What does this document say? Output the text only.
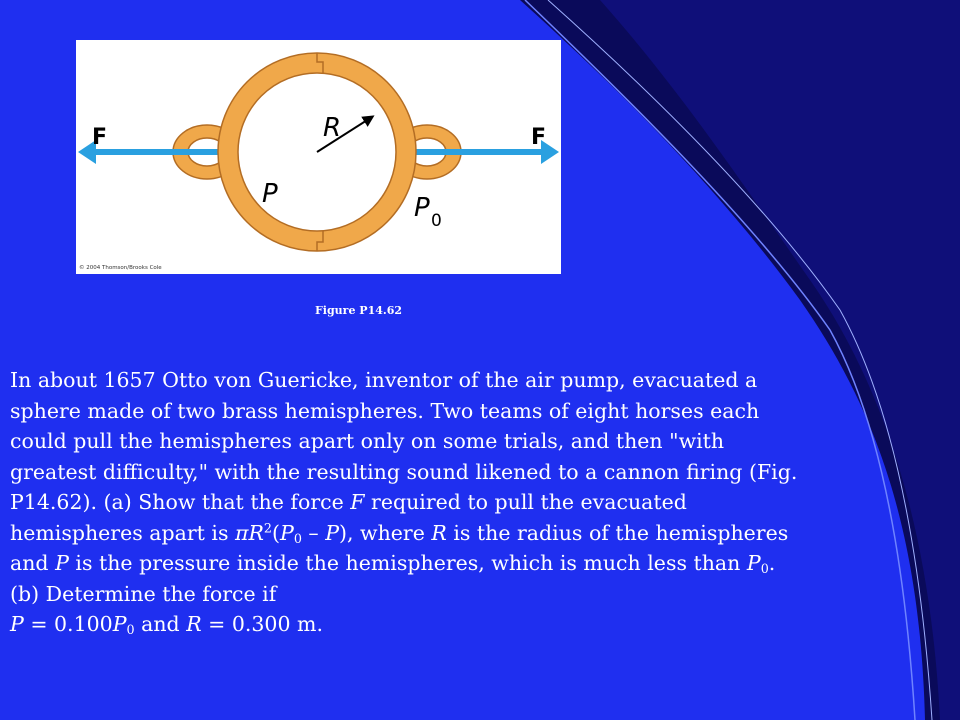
F	F
R
P	P 0
© 2004 Thomson/Brooks Cole
Figure P14.62

In about 1657 Otto von Guericke, inventor of the air pump, evacuated a
sphere made of two brass hemispheres. Two teams of eight horses each
could pull the hemispheres apart only on some trials, and then "with
greatest difficulty," with the resulting sound likened to a cannon firing (Fig.
P14.62). (a) Show that the force F required to pull the evacuated
hemispheres apart is $\pi R^2(P_0 - P)$, where R is the radius of the hemispheres
and P is the pressure inside the hemispheres, which is much less than $P_0$.
(b) Determine the force if
$P = 0.100P_0$ and R = 0.300 m.
